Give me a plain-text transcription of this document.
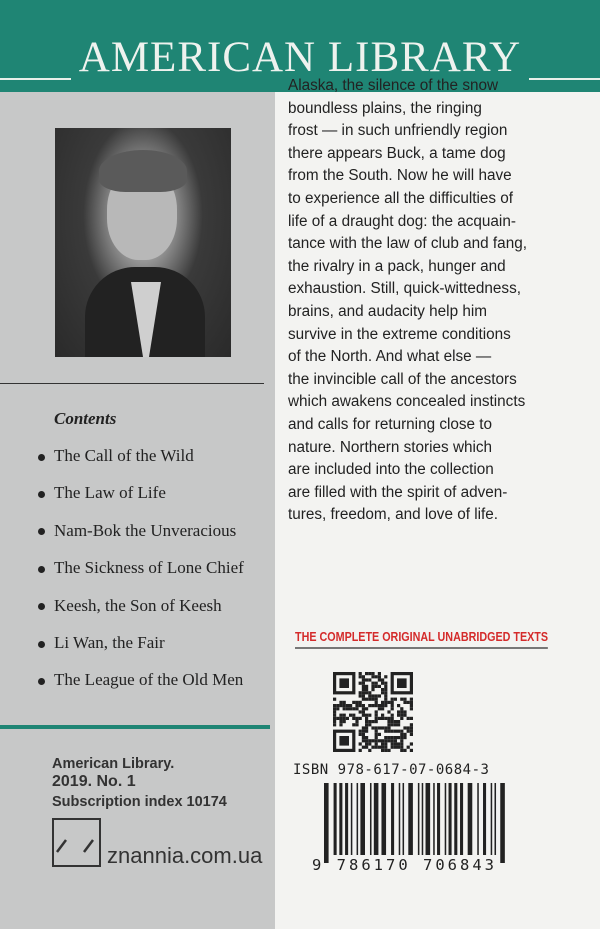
AMERICAN LIBRARY
Contents
The Call of the Wild
The Law of Life
Nam-Bok the Unveracious
The Sickness of Lone Chief
Keesh, the Son of Keesh
Li Wan, the Fair
The League of the Old Men
American Library.
2019. No. 1
Subscription index 10174
znannia.com.ua
Alaska, the silence of the snow
boundless plains, the ringing
frost — in such unfriendly region
there appears Buck, a tame dog
from the South. Now he will have
to experience all the difficulties of
life of a draught dog: the acquain-
tance with the law of club and fang,
the rivalry in a pack, hunger and
exhaustion. Still, quick-wittedness,
brains, and audacity help him
survive in the extreme conditions
of the North. And what else —
the invincible call of the ancestors
which awakens concealed instincts
and calls for returning close to
nature. Northern stories which
are included into the collection
are filled with the spirit of adven-
tures, freedom, and love of life.
THE COMPLETE ORIGINAL UNABRIDGED TEXTS
ISBN 978-617-07-0684-3
9 786170 706843
